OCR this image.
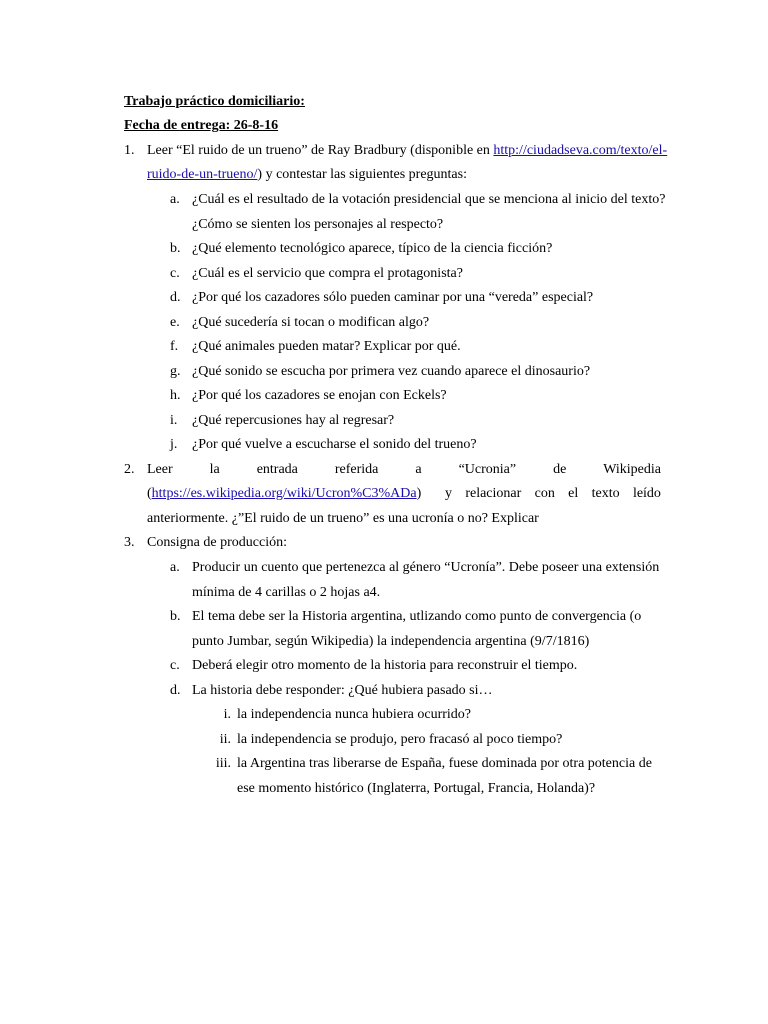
Trabajo práctico domiciliario:
Fecha de entrega: 26-8-16
1. Leer “El ruido de un trueno” de Ray Bradbury (disponible en http://ciudadseva.com/texto/el-
ruido-de-un-trueno/) y contestar las siguientes preguntas:
a. ¿Cuál es el resultado de la votación presidencial que se menciona al inicio del texto?
¿Cómo se sienten los personajes al respecto?
b. ¿Qué elemento tecnológico aparece, típico de la ciencia ficción?
c. ¿Cuál es el servicio que compra el protagonista?
d. ¿Por qué los cazadores sólo pueden caminar por una “vereda” especial?
e. ¿Qué sucedería si tocan o modifican algo?
f. ¿Qué animales pueden matar? Explicar por qué.
g. ¿Qué sonido se escucha por primera vez cuando aparece el dinosaurio?
h. ¿Por qué los cazadores se enojan con Eckels?
i. ¿Qué repercusiones hay al regresar?
j. ¿Por qué vuelve a escucharse el sonido del trueno?
2. Leer	la	entrada	referida	a	“Ucronia”	de	Wikipedia
(https://es.wikipedia.org/wiki/Ucron%C3%ADa) y relacionar con el texto leído
anteriormente. ¿”El ruido de un trueno” es una ucronía o no? Explicar
3. Consigna de producción:
a. Producir un cuento que pertenezca al género “Ucronía”. Debe poseer una extensión
mínima de 4 carillas o 2 hojas a4.
b. El tema debe ser la Historia argentina, utlizando como punto de convergencia (o
punto Jumbar, según Wikipedia) la independencia argentina (9/7/1816)
c. Deberá elegir otro momento de la historia para reconstruir el tiempo.
d. La historia debe responder: ¿Qué hubiera pasado si…
i. la independencia nunca hubiera ocurrido?
ii. la independencia se produjo, pero fracasó al poco tiempo?
iii. la Argentina tras liberarse de España, fuese dominada por otra potencia de
ese momento histórico (Inglaterra, Portugal, Francia, Holanda)?
